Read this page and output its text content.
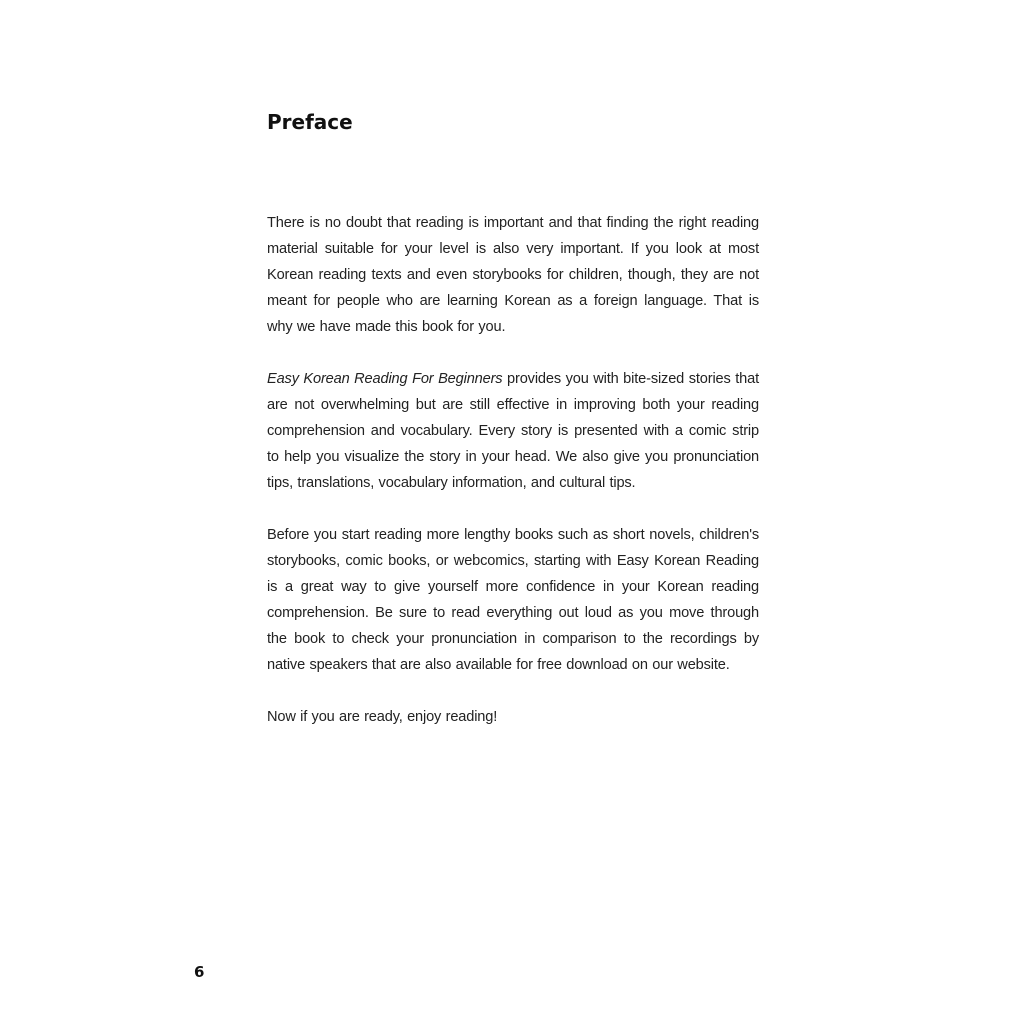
Preface

There is no doubt that reading is important and that finding the right reading material suitable for your level is also very important. If you look at most Korean reading texts and even storybooks for children, though, they are not meant for people who are learning Korean as a foreign language. That is why we have made this book for you.

Easy Korean Reading For Beginners provides you with bite-sized stories that are not overwhelming but are still effective in improving both your reading comprehension and vocabulary. Every story is presented with a comic strip to help you visualize the story in your head. We also give you pronunciation tips, translations, vocabulary information, and cultural tips.

Before you start reading more lengthy books such as short novels, children's storybooks, comic books, or webcomics, starting with Easy Korean Reading is a great way to give yourself more confidence in your Korean reading comprehension. Be sure to read everything out loud as you move through the book to check your pronunciation in comparison to the recordings by native speakers that are also available for free download on our website.

Now if you are ready, enjoy reading!

6
